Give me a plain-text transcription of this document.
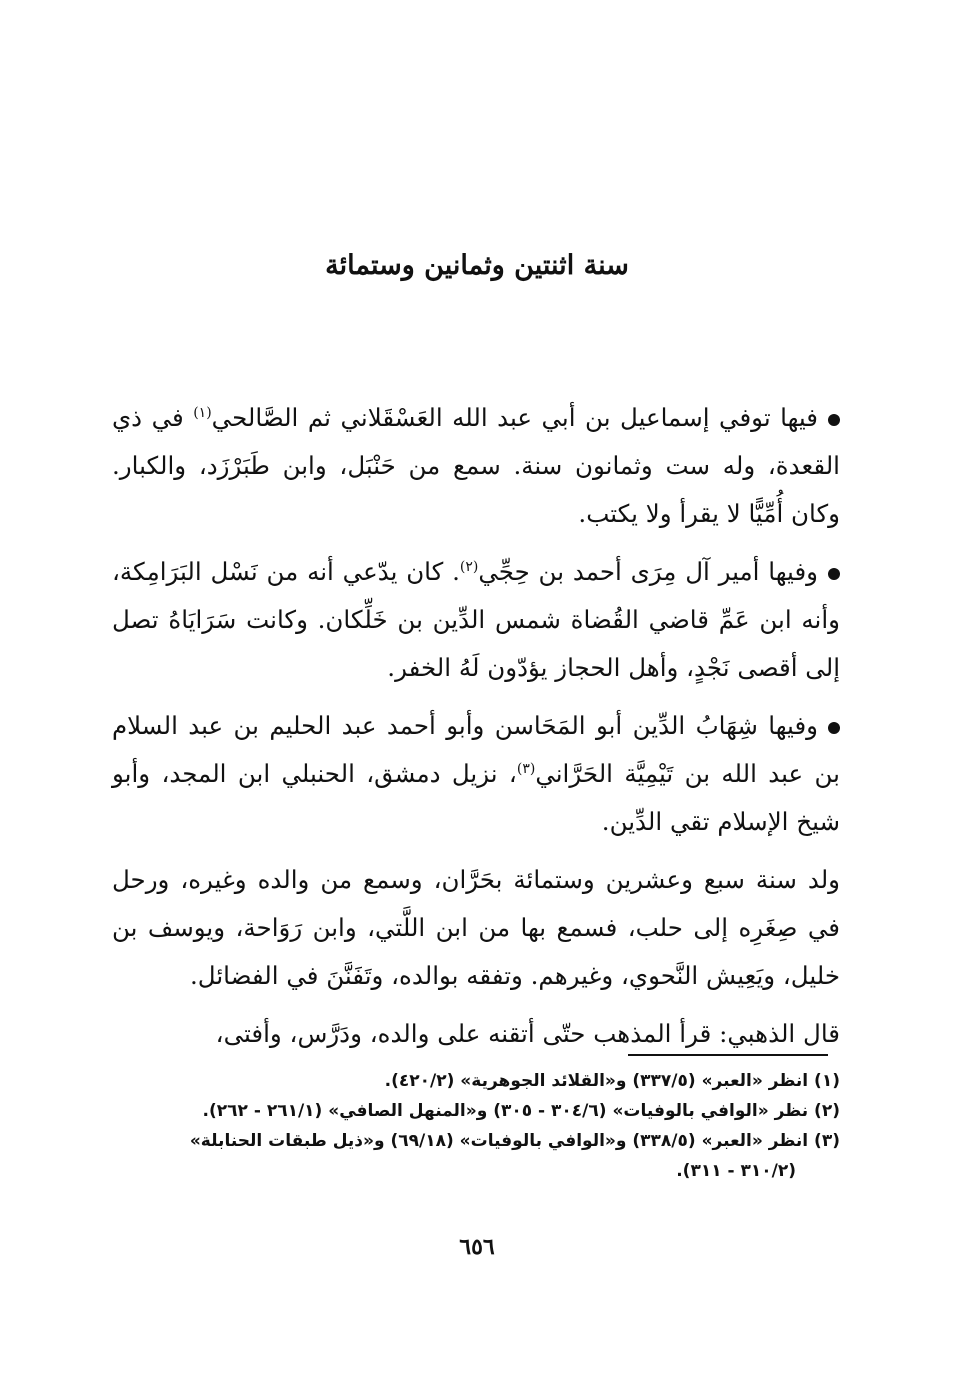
سنة اثنتين وثمانين وستمائة

فيها توفي إسماعيل بن أبي عبد الله العَسْقَلاني ثم الصَّالحي$^{(١)}$ في ذي القعدة، وله ست وثمانون سنة. سمع من حَنْبَل، وابن طَبَرْزَد، والكبار. وكان أُمِّيًّا لا يقرأ ولا يكتب.

وفيها أمير آل مِرَى أحمد بن حِجِّي$^{(٢)}$. كان يدّعي أنه من نَسْل البَرَامِكة، وأنه ابن عَمِّ قاضي القُضاة شمس الدِّين بن خَلِّكان. وكانت سَرَايَاهُ تصل إلى أقصى نَجْدٍ، وأهل الحجاز يؤدّون لَهُ الخفر.

وفيها شِهَابُ الدِّين أبو المَحَاسن وأبو أحمد عبد الحليم بن عبد السلام بن عبد الله بن تَيْمِيَّة الحَرَّاني$^{(٣)}$، نزيل دمشق، الحنبلي ابن المجد، وأبو شيخ الإسلام تقي الدِّين.

ولد سنة سبع وعشرين وستمائة بحَرَّان، وسمع من والده وغيره، ورحل في صِغَرِه إلى حلب، فسمع بها من ابن اللَّتي، وابن رَوَاحة، ويوسف بن خليل، ويَعِيش النَّحوي، وغيرهم. وتفقه بوالده، وتَفَنَّنَ في الفضائل.

قال الذهبي: قرأ المذهب حتّى أتقنه على والده، ودَرَّس، وأفتى،

(١) انظر «العبر» (٣٣٧/٥) و«القلائد الجوهرية» (٤٢٠/٢).

(٢) نظر «الوافي بالوفيات» (٣٠٤/٦ - ٣٠٥) و«المنهل الصافي» (٢٦١/١ - ٢٦٢).

(٣) انظر «العبر» (٣٣٨/٥) و«الوافي بالوفيات» (٦٩/١٨) و«ذيل طبقات الحنابلة»

(٣١٠/٢ - ٣١١).

٦٥٦
